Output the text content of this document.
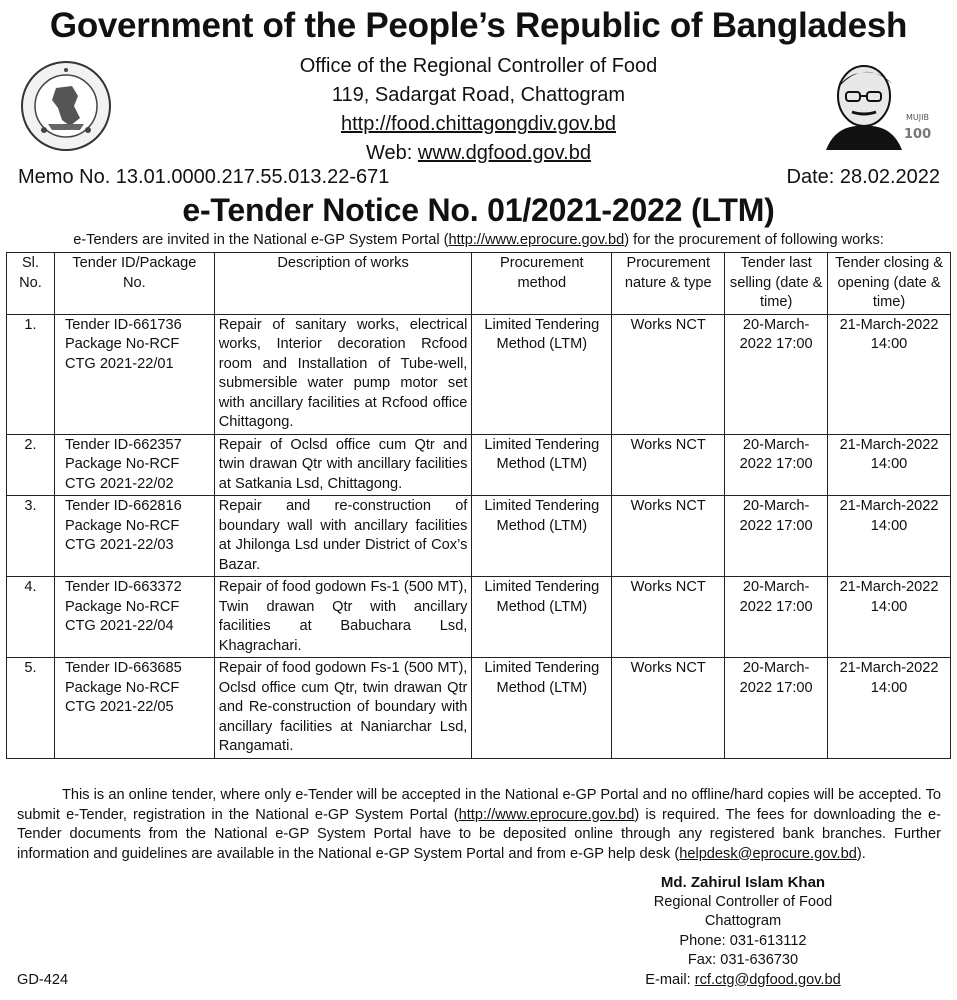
Government of the People’s Republic of Bangladesh
Office of the Regional Controller of Food
119, Sadargat Road, Chattogram
http://food.chittagongdiv.gov.bd
Web: www.dgfood.gov.bd
100
MUJIB
Memo No. 13.01.0000.217.55.013.22-671	Date: 28.02.2022
e-Tender Notice No. 01/2021-2022 (LTM)
e-Tenders are invited in the National e-GP System Portal (http://www.eprocure.gov.bd) for the procurement of following works:
Sl. No.	Tender ID/Package No.	Description of works	Procurement method	Procurement nature & type	Tender last selling (date & time)	Tender closing & opening (date & time)
1.	Tender ID-661736
Package No-RCF CTG 2021-22/01	Repair of sanitary works, electrical works, Interior decoration Rcfood room and Installation of Tube-well, submersible water pump motor set with ancillary facilities at Rcfood office Chittagong.	Limited Tendering Method (LTM)	Works NCT	20-March-2022 17:00	21-March-2022 14:00
2.	Tender ID-662357
Package No-RCF CTG 2021-22/02	Repair of Oclsd office cum Qtr and twin drawan Qtr with ancillary facilities at Satkania Lsd, Chittagong.	Limited Tendering Method (LTM)	Works NCT	20-March-2022 17:00	21-March-2022 14:00
3.	Tender ID-662816
Package No-RCF CTG 2021-22/03	Repair and re-construction of boundary wall with ancillary facilities at Jhilonga Lsd under District of Cox’s Bazar.	Limited Tendering Method (LTM)	Works NCT	20-March-2022 17:00	21-March-2022 14:00
4.	Tender ID-663372
Package No-RCF CTG 2021-22/04	Repair of food godown Fs-1 (500 MT), Twin drawan Qtr with ancillary facilities at Babuchara Lsd, Khagrachari.	Limited Tendering Method (LTM)	Works NCT	20-March-2022 17:00	21-March-2022 14:00
5.	Tender ID-663685
Package No-RCF CTG 2021-22/05	Repair of food godown Fs-1 (500 MT), Oclsd office cum Qtr, twin drawan Qtr and Re-construction of boundary with ancillary facilities at Naniarchar Lsd, Rangamati.	Limited Tendering Method (LTM)	Works NCT	20-March-2022 17:00	21-March-2022 14:00
This is an online tender, where only e-Tender will be accepted in the National e-GP Portal and no offline/hard copies will be accepted. To submit e-Tender, registration in the National e-GP System Portal (http://www.eprocure.gov.bd) is required. The fees for downloading the e-Tender documents from the National e-GP System Portal have to be deposited online through any registered bank branches. Further information and guidelines are available in the National e-GP System Portal and from e-GP help desk (helpdesk@eprocure.gov.bd).
Md. Zahirul Islam Khan
Regional Controller of Food
Chattogram
Phone: 031-613112
Fax: 031-636730
E-mail: rcf.ctg@dgfood.gov.bd
GD-424
